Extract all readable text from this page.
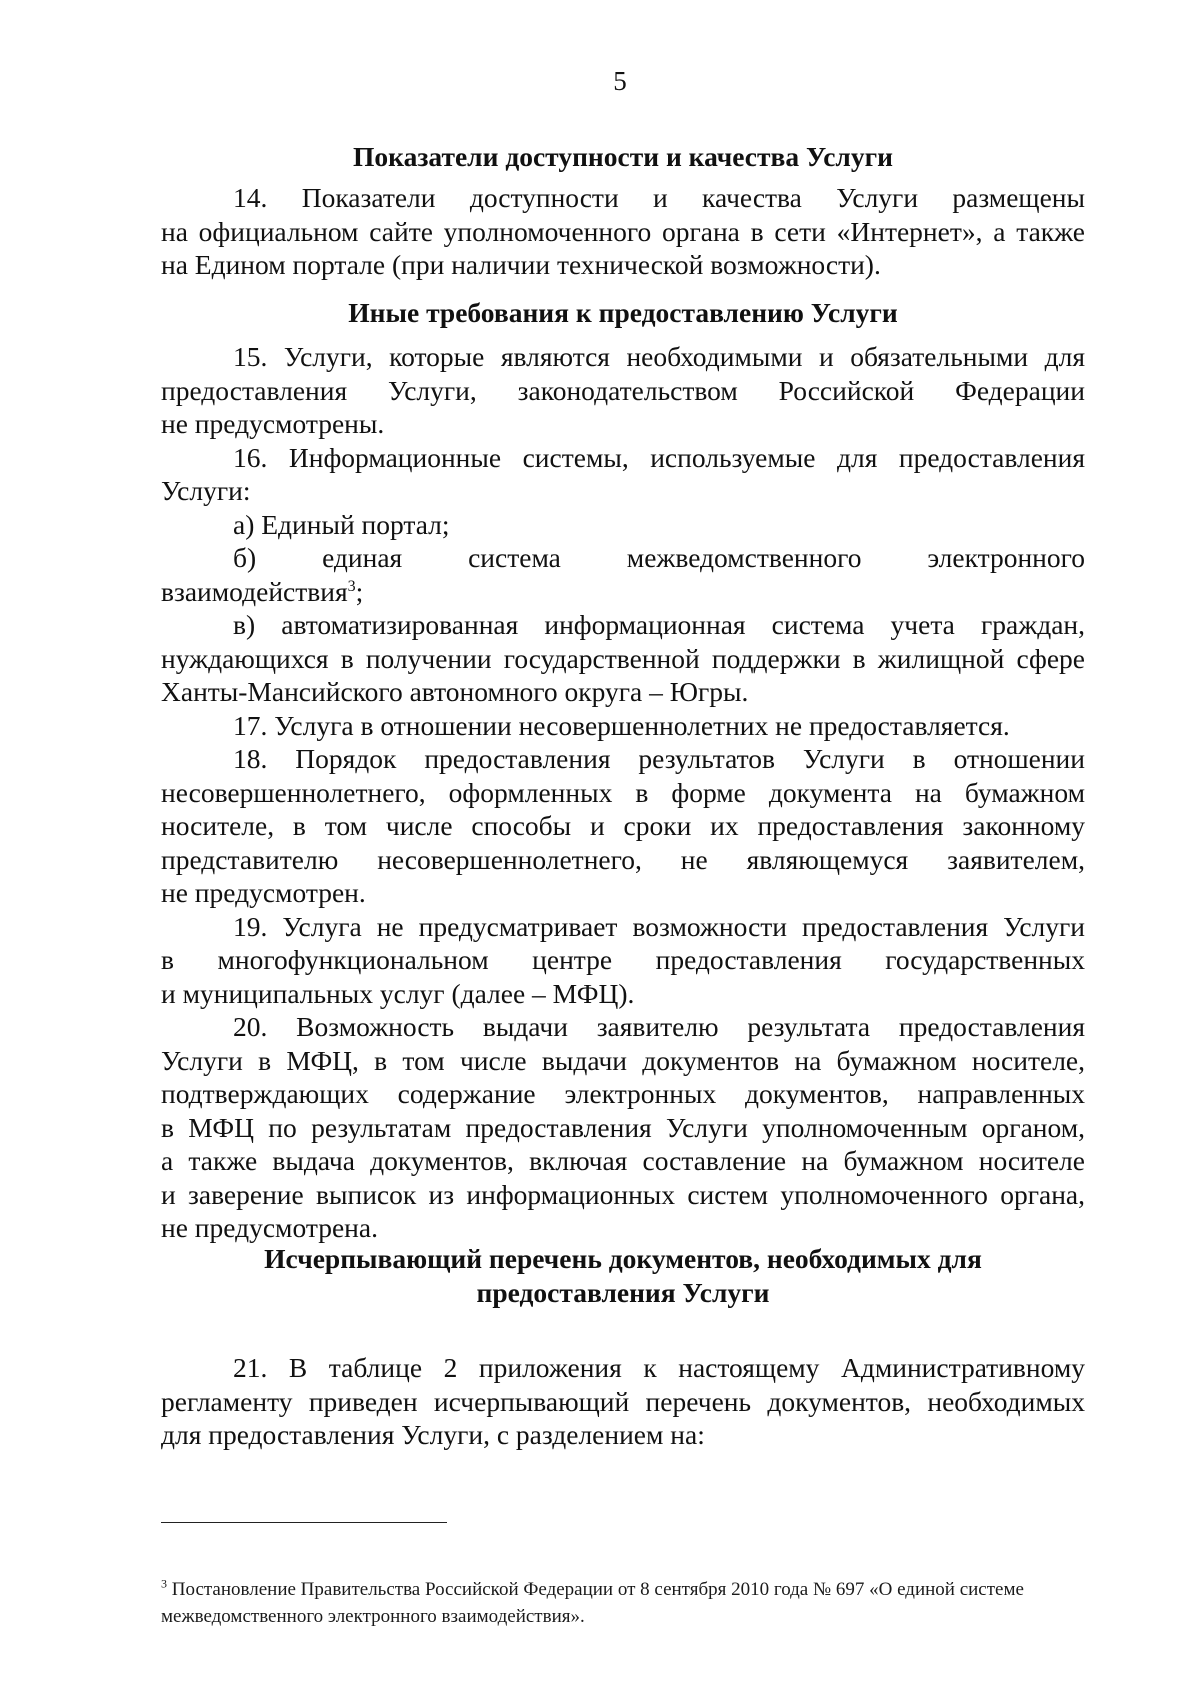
5
Показатели доступности и качества Услуги
14. Показатели доступности и качества Услуги размещены
на официальном сайте уполномоченного органа в сети «Интернет», а также
на Едином портале (при наличии технической возможности).
Иные требования к предоставлению Услуги
15. Услуги, которые являются необходимыми и обязательными для
предоставления Услуги, законодательством Российской Федерации
не предусмотрены.
16. Информационные системы, используемые для предоставления
Услуги:
а) Единый портал;
б) единая система межведомственного электронного
взаимодействия$^3$;
в) автоматизированная информационная система учета граждан,
нуждающихся в получении государственной поддержки в жилищной сфере
Ханты-Мансийского автономного округа – Югры.
17. Услуга в отношении несовершеннолетних не предоставляется.
18. Порядок предоставления результатов Услуги в отношении
несовершеннолетнего, оформленных в форме документа на бумажном
носителе, в том числе способы и сроки их предоставления законному
представителю несовершеннолетнего, не являющемуся заявителем,
не предусмотрен.
19. Услуга не предусматривает возможности предоставления Услуги
в многофункциональном центре предоставления государственных
и муниципальных услуг (далее – МФЦ).
20. Возможность выдачи заявителю результата предоставления
Услуги в МФЦ, в том числе выдачи документов на бумажном носителе,
подтверждающих содержание электронных документов, направленных
в МФЦ по результатам предоставления Услуги уполномоченным органом,
а также выдача документов, включая составление на бумажном носителе
и заверение выписок из информационных систем уполномоченного органа,
не предусмотрена.
Исчерпывающий перечень документов, необходимых для
предоставления Услуги
21. В таблице 2 приложения к настоящему Административному
регламенту приведен исчерпывающий перечень документов, необходимых
для предоставления Услуги, с разделением на:
$^3$ Постановление Правительства Российской Федерации от 8 сентября 2010 года № 697 «О единой системе
межведомственного электронного взаимодействия».
